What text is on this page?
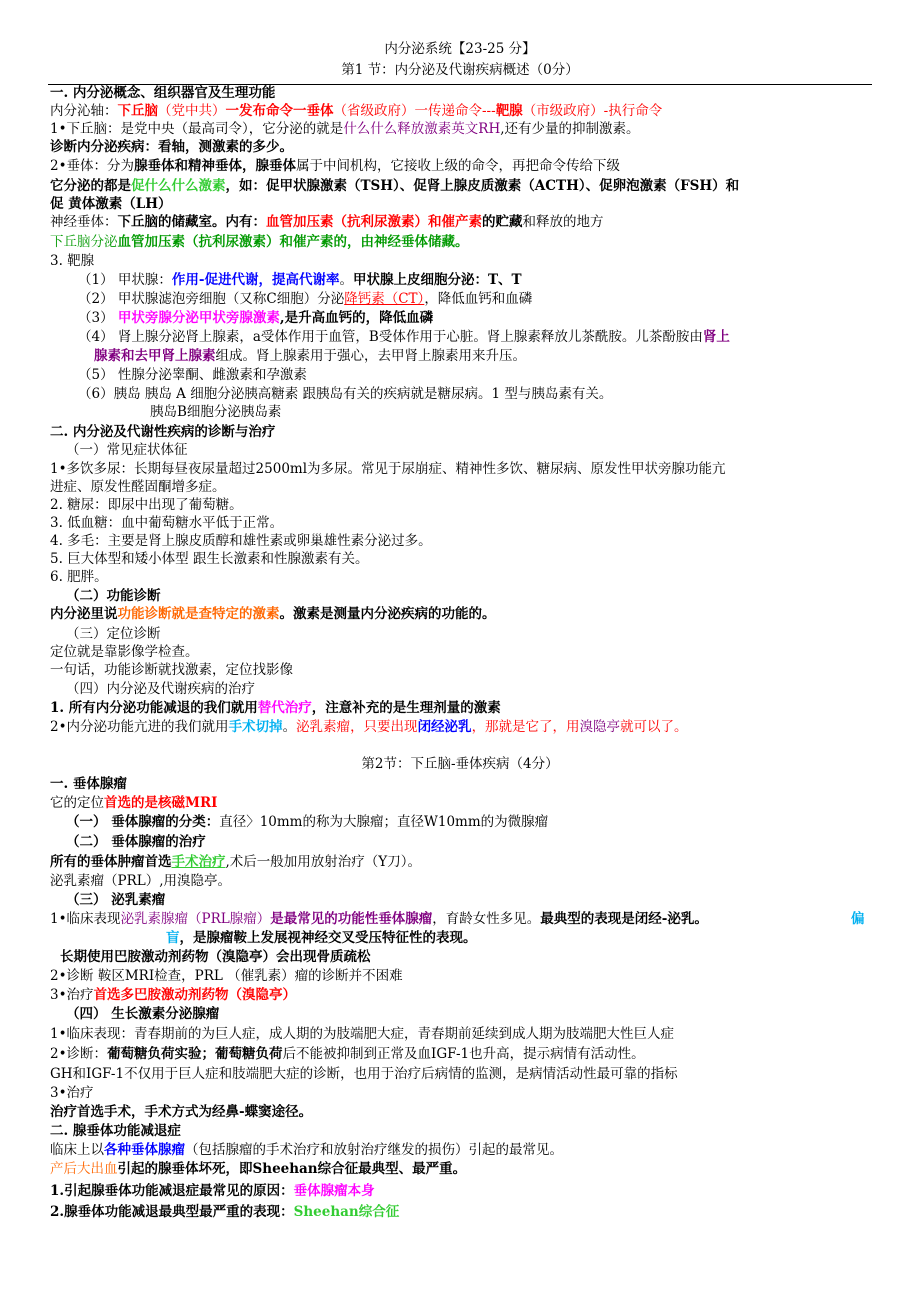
内分泌系统【23-25 分】
第1 节：内分泌及代谢疾病概述（0分）
一. 内分泌概念、组织器官及生理功能
内分沁轴：下丘脑（党中共）一发布命令一垂体（省级政府）一传递命令---靶腺（市级政府）-执行命令
1•下丘脑：是党中央（最高司令），它分泌的就是什么什么释放激素英文RH,还有少量的抑制激素。
诊断内分泌疾病：看轴，测激素的多少。
2•垂体：分为腺垂体和精神垂体，腺垂体属于中间机构，它接收上级的命令，再把命令传给下级
它分泌的都是促什么什么激素，如：促甲状腺激素（TSH）、促肾上腺皮质激素（ACTH）、促卵泡激素（FSH）和
促 黄体激素（LH）
神经垂体：下丘脑的储藏室。内有：血管加压素（抗利尿激素）和催产素的贮藏和释放的地方
下丘脑分泌血管加压素（抗利尿激素）和催产素的，由神经垂体储藏。
3. 靶腺
（1） 甲状腺：作用-促进代谢，提高代谢率。甲状腺上皮细胞分泌：T、T
（2） 甲状腺滤泡旁细胞（又称C细胞）分泌降钙素（CT），降低血钙和血磷
（3） 甲状旁腺分泌甲状旁腺激素,是升高血钙的，降低血磷
（4） 肾上腺分泌肾上腺素，a受体作用于血管，B受体作用于心脏。肾上腺素释放儿茶酰胺。儿茶酚胺由肾上
腺素和去甲肾上腺素组成。肾上腺素用于强心，去甲肾上腺素用来升压。
（5） 性腺分泌睾酮、雌激素和孕激素
（6）胰岛 胰岛 A 细胞分泌胰高糖素 跟胰岛有关的疾病就是糖尿病。1 型与胰岛素有关。
胰岛B细胞分泌胰岛素
二. 内分泌及代谢性疾病的诊断与治疗
（一）常见症状体征
1•多饮多尿：长期每昼夜尿量超过2500ml为多尿。常见于尿崩症、精神性多饮、糖尿病、原发性甲状旁腺功能亢
进症、原发性醛固酮增多症。
2. 糖尿：即尿中出现了葡萄糖。
3. 低血糖：血中葡萄糖水平低于正常。
4. 多毛：主要是肾上腺皮质醇和雄性素或卵巢雄性素分泌过多。
5. 巨大体型和矮小体型 跟生长激素和性腺激素有关。
6. 肥胖。
（二）功能诊断
内分泌里说功能诊断就是查特定的激素。激素是测量内分泌疾病的功能的。
（三）定位诊断
定位就是靠影像学检查。
一句话，功能诊断就找激素，定位找影像
（四）内分泌及代谢疾病的治疗
1. 所有内分泌功能减退的我们就用替代治疗，注意补充的是生理剂量的激素
2•内分泌功能亢进的我们就用手术切掉。泌乳素瘤，只要出现闭经泌乳，那就是它了，用溴隐亭就可以了。
第2节：下丘脑-垂体疾病（4分）
一. 垂体腺瘤
它的定位首选的是核磁MRI
（一） 垂体腺瘤的分类：直径〉10mm的称为大腺瘤；直径W10mm的为微腺瘤
（二） 垂体腺瘤的治疗
所有的垂体肿瘤首选手术治疗,术后一般加用放射治疗（Y刀）。
泌乳素瘤（PRL）,用溴隐亭。
（三） 泌乳素瘤
1•临床表现泌乳素腺瘤（PRL腺瘤）是最常见的功能性垂体腺瘤，育龄女性多见。最典型的表现是闭经-泌乳。	偏
盲，是腺瘤鞍上发展视神经交叉受压特征性的表现。
长期使用巴胺激动剂药物（溴隐亭）会出现骨质疏松
2•诊断 鞍区MRI检查，PRL （催乳素）瘤的诊断并不困难
3•治疗首选多巴胺激动剂药物（溴隐亭）
（四） 生长激素分泌腺瘤
1•临床表现：青春期前的为巨人症，成人期的为肢端肥大症，青春期前延续到成人期为肢端肥大性巨人症
2•诊断：葡萄糖负荷实验；葡萄糖负荷后不能被抑制到正常及血IGF-1也升高，提示病情有活动性。
GH和IGF-1不仅用于巨人症和肢端肥大症的诊断，也用于治疗后病情的监测，是病情活动性最可靠的指标
3•治疗
治疗首选手术，手术方式为经鼻-蝶窦途径。
二. 腺垂体功能减退症
临床上以各种垂体腺瘤（包括腺瘤的手术治疗和放射治疗继发的损伤）引起的最常见。
产后大出血引起的腺垂体坏死，即Sheehan综合征最典型、最严重。
1.引起腺垂体功能减退症最常见的原因：垂体腺瘤本身
2.腺垂体功能减退最典型最严重的表现：Sheehan综合征
